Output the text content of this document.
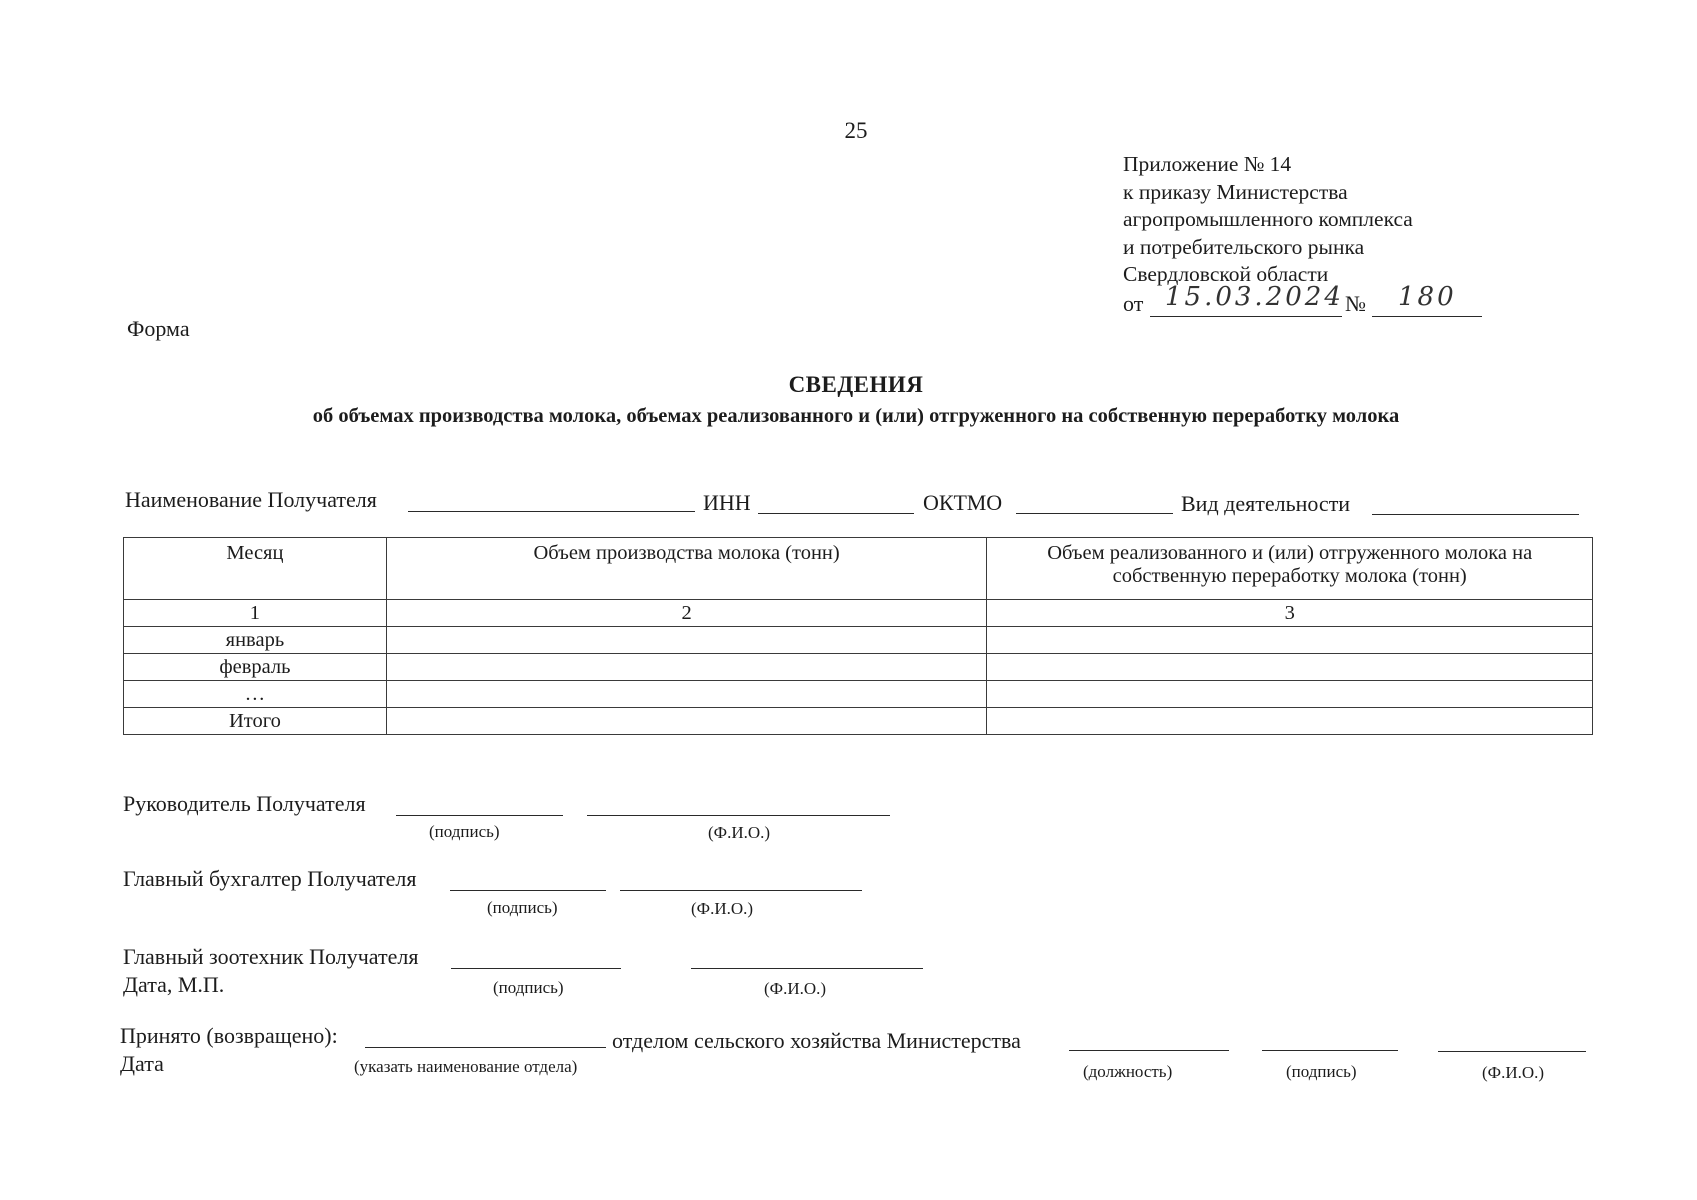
25
Приложение № 14
к приказу Министерства
агропромышленного комплекса
и потребительского рынка
Свердловской области
от 15.03.2024 № 180
Форма
СВЕДЕНИЯ
об объемах производства молока, объемах реализованного и (или) отгруженного на собственную переработку молока
Наименование Получателя	ИНН	ОКТМО	Вид деятельности
Месяц	Объем производства молока (тонн)	Объем реализованного и (или) отгруженного молока на собственную переработку молока (тонн)
1	2	3
январь		
февраль		
…		
Итого		
Руководитель Получателя
(подпись)	(Ф.И.О.)
Главный бухгалтер Получателя
(подпись)	(Ф.И.О.)
Главный зоотехник Получателя
Дата, М.П.	(подпись)	(Ф.И.О.)
Принято (возвращено):	отделом сельского хозяйства Министерства
Дата	(указать наименование отдела)	(должность)	(подпись)	(Ф.И.О.)
